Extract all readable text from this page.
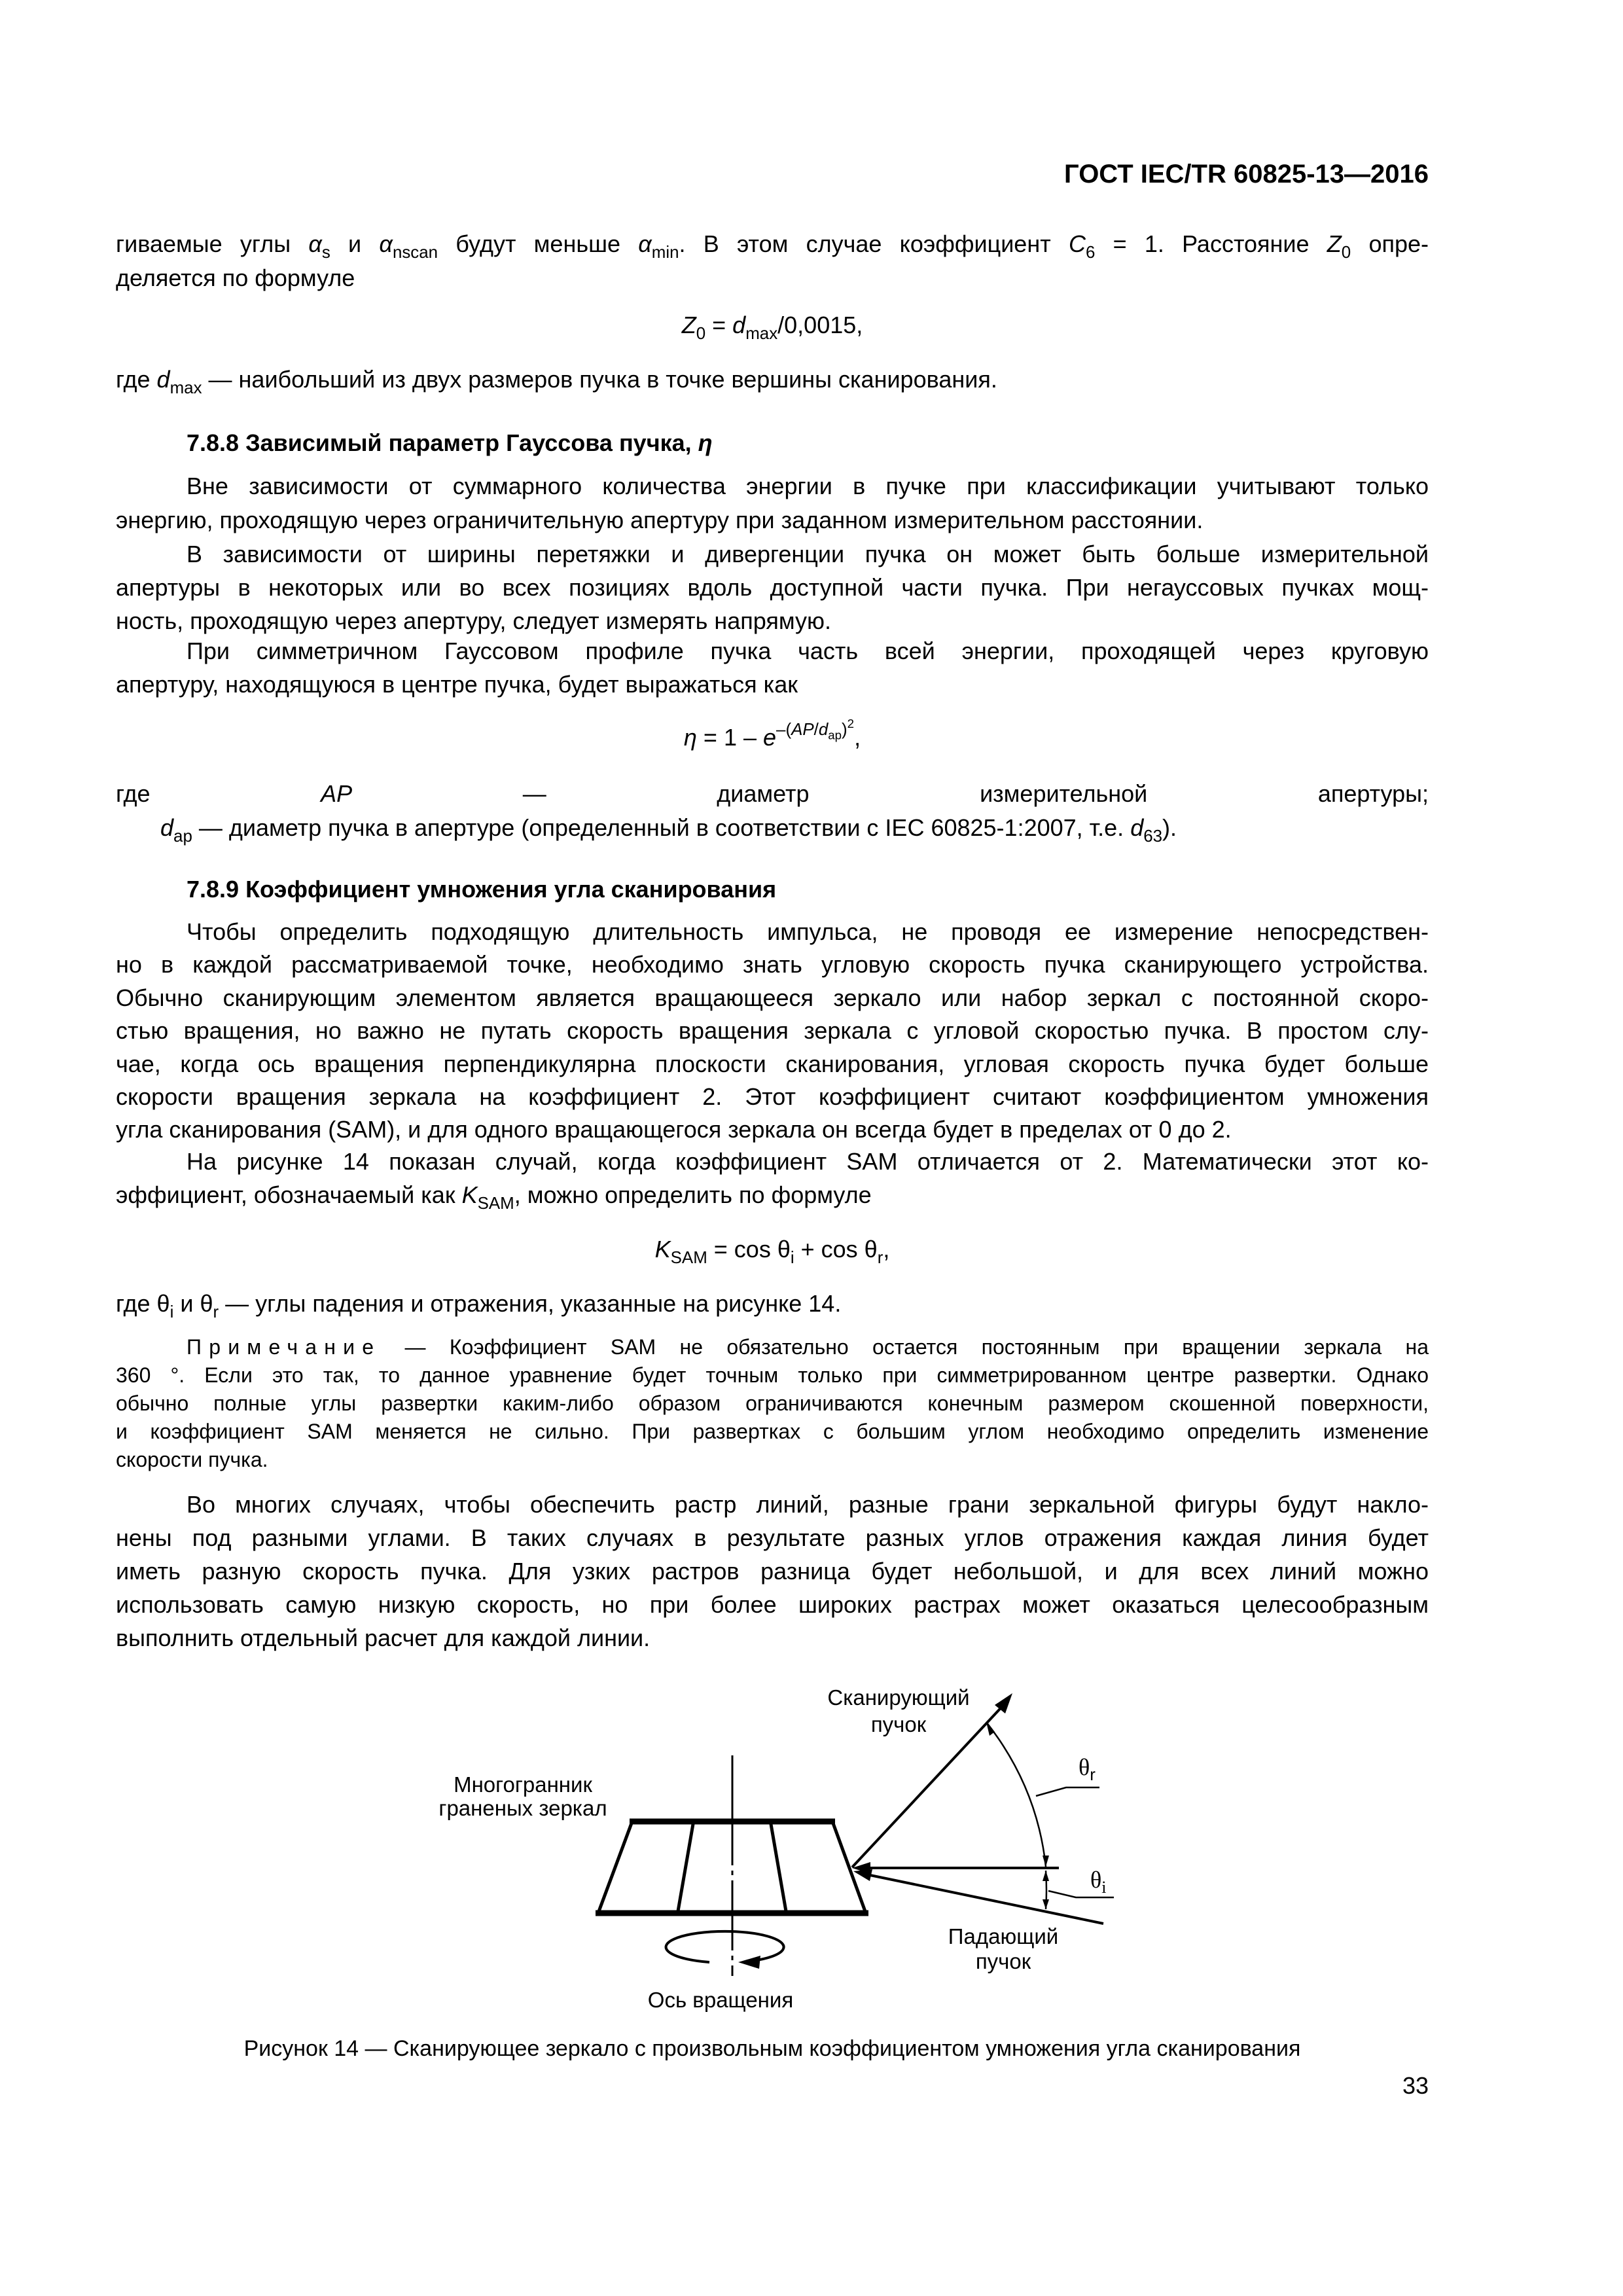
ГОСТ IEC/TR 60825-13—2016
гиваемые углы $\alpha_s$ и $\alpha_{nscan}$ будут меньше $\alpha_{min}$. В этом случае коэффициент $C_6 = 1$. Расстояние $Z_0$ опре-
деляется по формуле
$Z_0 = d_{max}/0,0015$,
где $d_{max}$ — наибольший из двух размеров пучка в точке вершины сканирования.
7.8.8 Зависимый параметр Гауссова пучка, η
Вне зависимости от суммарного количества энергии в пучке при классификации учитывают только
энергию, проходящую через ограничительную апертуру при заданном измерительном расстоянии.
В зависимости от ширины перетяжки и дивергенции пучка он может быть больше измерительной
апертуры в некоторых или во всех позициях вдоль доступной части пучка. При негауссовых пучках мощ-
ность, проходящую через апертуру, следует измерять напрямую.
При симметричном Гауссовом профиле пучка часть всей энергии, проходящей через круговую
апертуру, находящуюся в центре пучка, будет выражаться как
$\eta = 1 - e^{-(AP/d_{ap})^2}$,
где AP — диаметр измерительной апертуры;
$d_{ap}$ — диаметр пучка в апертуре (определенный в соответствии с IEC 60825-1:2007, т.е. $d_{63}$).
7.8.9 Коэффициент умножения угла сканирования
Чтобы определить подходящую длительность импульса, не проводя ее измерение непосредствен-
но в каждой рассматриваемой точке, необходимо знать угловую скорость пучка сканирующего устройства.
Обычно сканирующим элементом является вращающееся зеркало или набор зеркал с постоянной скоро-
стью вращения, но важно не путать скорость вращения зеркала с угловой скоростью пучка. В простом слу-
чае, когда ось вращения перпендикулярна плоскости сканирования, угловая скорость пучка будет больше
скорости вращения зеркала на коэффициент 2. Этот коэффициент считают коэффициентом умножения
угла сканирования (SAM), и для одного вращающегося зеркала он всегда будет в пределах от 0 до 2.
На рисунке 14 показан случай, когда коэффициент SAM отличается от 2. Математически этот ко-
эффициент, обозначаемый как $K_{SAM}$, можно определить по формуле
$K_{SAM} = \cos \theta_i + \cos \theta_r$,
где $\theta_i$ и $\theta_r$ — углы падения и отражения, указанные на рисунке 14.
Примечание — Коэффициент SAM не обязательно остается постоянным при вращении зеркала на
360 °. Если это так, то данное уравнение будет точным только при симметрированном центре развертки. Однако
обычно полные углы развертки каким-либо образом ограничиваются конечным размером скошенной поверхности,
и коэффициент SAM меняется не сильно. При развертках с большим углом необходимо определить изменение
скорости пучка.
Во многих случаях, чтобы обеспечить растр линий, разные грани зеркальной фигуры будут накло-
нены под разными углами. В таких случаях в результате разных углов отражения каждая линия будет
иметь разную скорость пучка. Для узких растров разница будет небольшой, и для всех линий можно
использовать самую низкую скорость, но при более широких растрах может оказаться целесообразным
выполнить отдельный расчет для каждой линии.
$\theta_r$
$\theta_i$
Сканирующий
пучок
Многогранник
граненых зеркал
Падающий
пучок
Ось вращения
Рисунок 14 — Сканирующее зеркало с произвольным коэффициентом умножения угла сканирования
33
